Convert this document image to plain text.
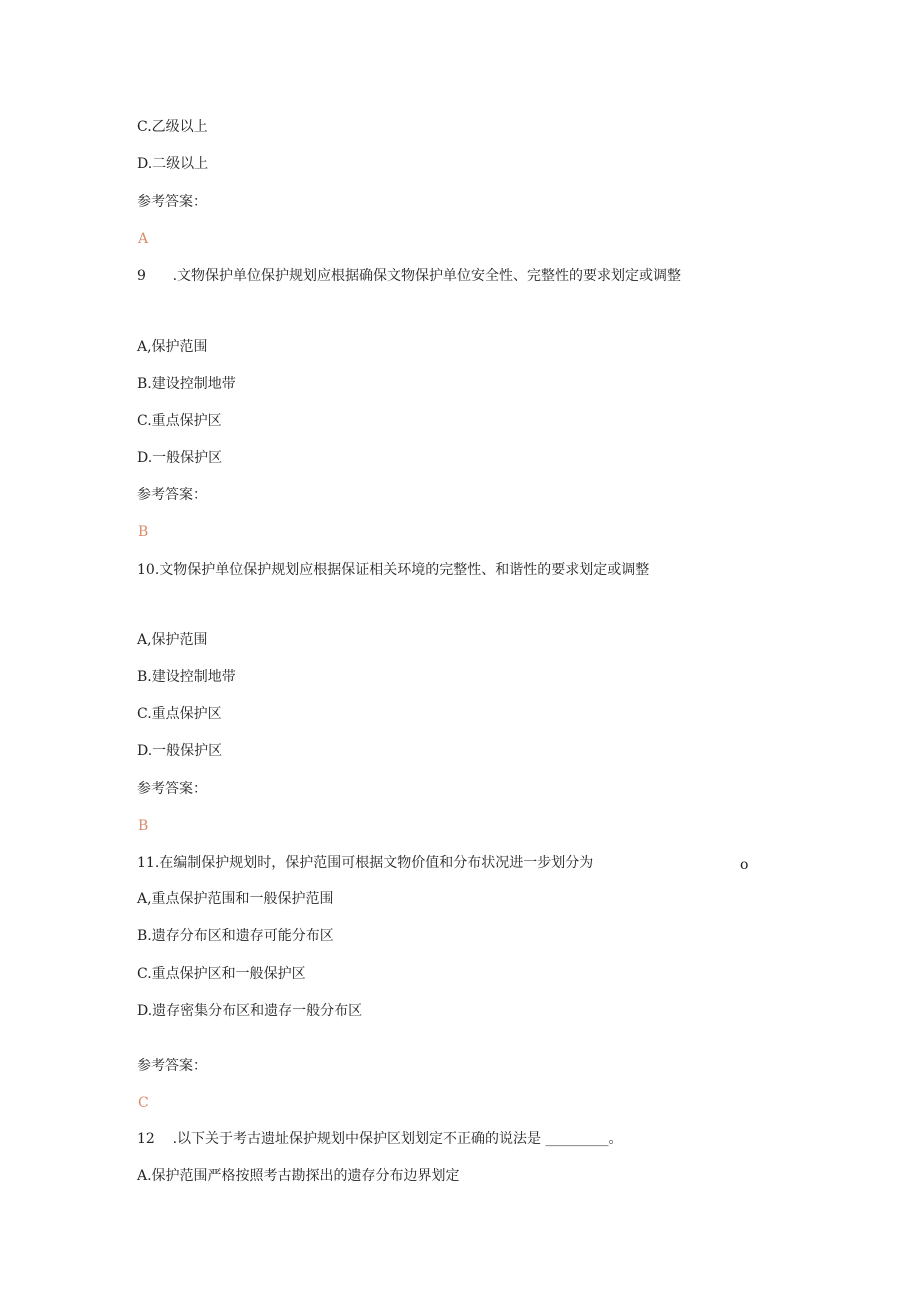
C.乙级以上
D.二级以上
参考答案：
A
9	.文物保护单位保护规划应根据确保文物保护单位安全性、完整性的要求划定或调整
A,保护范围
B.建设控制地带
C.重点保护区
D.一般保护区
参考答案：
B
10.文物保护单位保护规划应根据保证相关环境的完整性、和谐性的要求划定或调整
A,保护范围
B.建设控制地带
C.重点保护区
D.一般保护区
参考答案：
B
11.在编制保护规划时，保护范围可根据文物价值和分布状况进一步划分为	o
A,重点保护范围和一般保护范围
B.遗存分布区和遗存可能分布区
C.重点保护区和一般保护区
D.遗存密集分布区和遗存一般分布区
参考答案：
C
12	.以下关于考古遗址保护规划中保护区划划定不正确的说法是 _________。
A.保护范围严格按照考古勘探出的遗存分布边界划定
